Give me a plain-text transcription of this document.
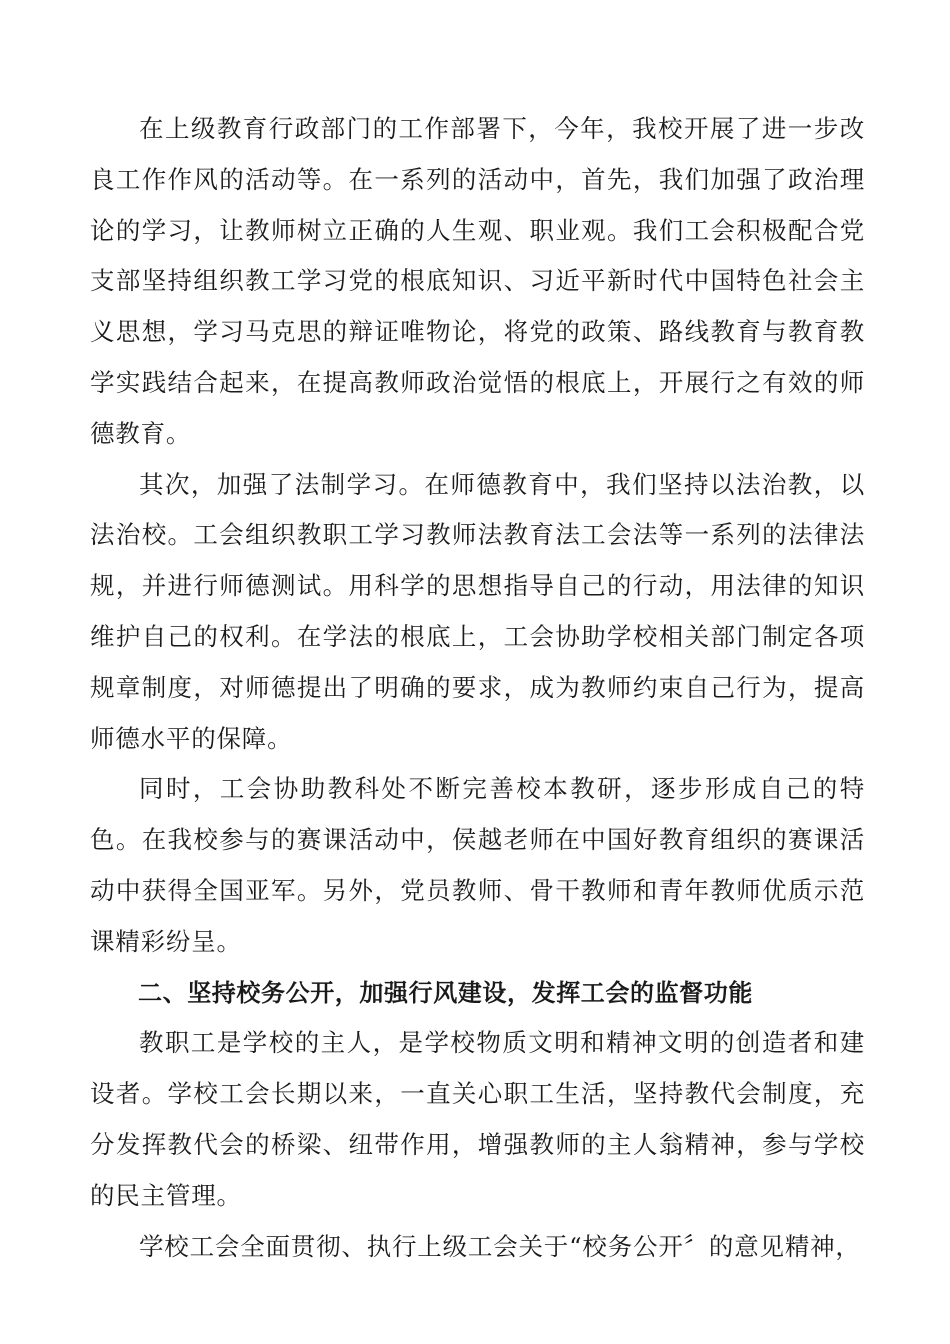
在上级教育行政部门的工作部署下，今年，我校开展了进一步改良工作作风的活动等。在一系列的活动中，首先，我们加强了政治理论的学习，让教师树立正确的人生观、职业观。我们工会积极配合党支部坚持组织教工学习党的根底知识、习近平新时代中国特色社会主义思想，学习马克思的辩证唯物论，将党的政策、路线教育与教育教学实践结合起来，在提高教师政治觉悟的根底上，开展行之有效的师德教育。

其次，加强了法制学习。在师德教育中，我们坚持以法治教，以法治校。工会组织教职工学习教师法教育法工会法等一系列的法律法规，并进行师德测试。用科学的思想指导自己的行动，用法律的知识维护自己的权利。在学法的根底上，工会协助学校相关部门制定各项规章制度，对师德提出了明确的要求，成为教师约束自己行为，提高师德水平的保障。

同时，工会协助教科处不断完善校本教研，逐步形成自己的特色。在我校参与的赛课活动中，侯越老师在中国好教育组织的赛课活动中获得全国亚军。另外，党员教师、骨干教师和青年教师优质示范课精彩纷呈。

二、坚持校务公开，加强行风建设，发挥工会的监督功能

教职工是学校的主人，是学校物质文明和精神文明的创造者和建设者。学校工会长期以来，一直关心职工生活，坚持教代会制度，充分发挥教代会的桥梁、纽带作用，增强教师的主人翁精神，参与学校的民主管理。

学校工会全面贯彻、执行上级工会关于“校务公开〞的意见精神，
